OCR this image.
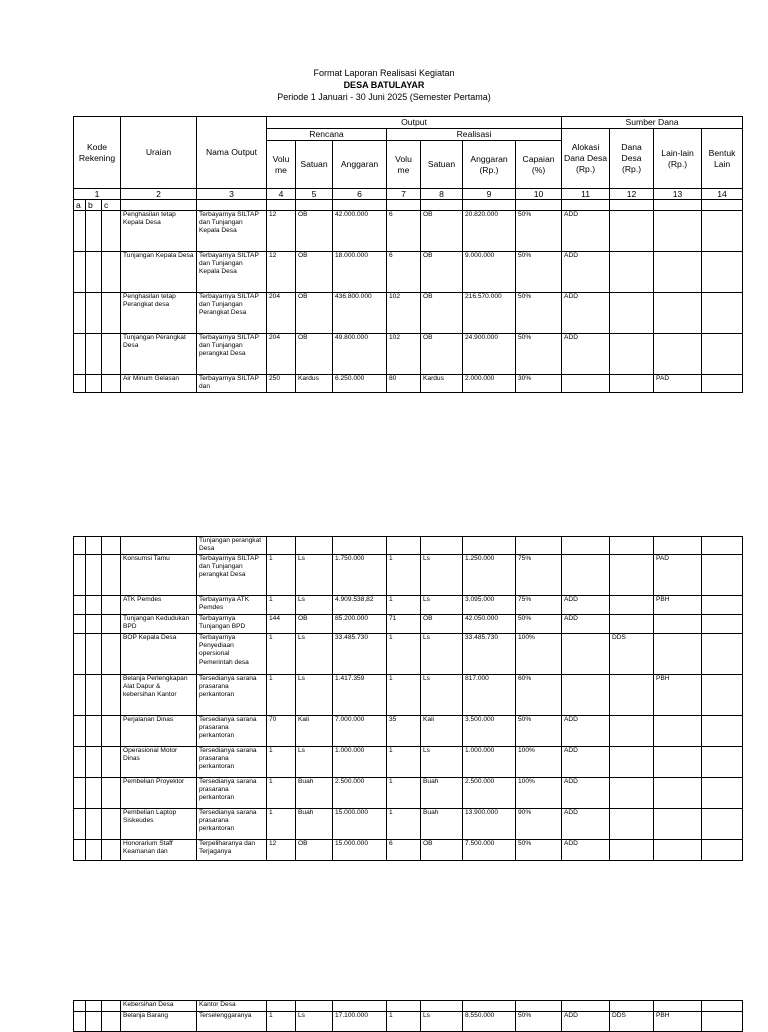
Format Laporan Realisasi Kegiatan
DESA BATULAYAR
Periode 1 Januari - 30 Juni 2025 (Semester Pertama)
Kode Rekening			Uraian	Nama Output	Output							Sumber Dana			
					Rencana			Realisasi				Alokasi Dana Desa (Rp.)	Dana Desa (Rp.)	Lain-lain (Rp.)	Bentuk Lain
					Volu me	Satuan	Anggaran	Volu me	Satuan	Anggaran (Rp.)	Capaian (%)				
1			2	3	4	5	6	7	8	9	10	11	12	13	14
a	b	c													

			Penghasilan tetap Kepala Desa	Terbayarnya SILTAP dan Tunjangan Kepala Desa	12	OB	42.000.000	6	OB	20.820.000	50%	ADD			

			Tunjangan Kepala Desa	Terbayarnya SILTAP dan Tunjangan Kepala Desa	12	OB	18.000.000	6	OB	9.000.000	50%	ADD			

			Penghasilan tetap Perangkat desa	Terbayarnya SILTAP dan Tunjangan Perangkat Desa	204	OB	436.800.000	102	OB	216.570.000	50%	ADD			

			Tunjangan Perangkat Desa	Terbayarnya SILTAP dan Tunjangan perangkat Desa	204	OB	49.800.000	102	OB	24.900.000	50%	ADD			

			Air Minum Gelasan	Terbayarnya SILTAP dan	250	Kardus	6.250.000	80	Kardus	2.000.000	30%			PAD	

				Tunjangan perangkat Desa											

			Konsumsi Tamu	Terbayarnya SILTAP dan Tunjangan perangkat Desa	1	Ls	1.750.000	1	Ls	1.250.000	75%			PAD	

			ATK Pemdes	Terbayarnya ATK Pemdes	1	Ls	4.909.538,82	1	Ls	3.095.000	75%	ADD		PBH	

			Tunjangan Kedudukan BPD	Terbayarnya Tunjangan BPD	144	OB	85.200.000	71	OB	42.050.000	50%	ADD			

			BOP Kepala Desa	Terbayarnya Penyediaan opersional Pemerintah desa	1	Ls	33.485.730	1	Ls	33.485.730	100%		DDS		

			Belanja Perlengkapan Alat Dapur & kebersihan Kantor	Tersedianya sarana prasarana perkantoran	1	Ls	1.417.359	1	Ls	817.000	60%			PBH	

			Perjalanan Dinas	Tersedianya sarana prasarana perkantoran	70	Kali	7.000.000	35	Kali	3.500.000	50%	ADD			

			Operasional Motor Dinas	Tersedianya sarana prasarana perkantoran	1	Ls	1.000.000	1	Ls	1.000.000	100%	ADD			

			Pembelian Proyektor	Tersedianya sarana prasarana perkantoran	1	Buah	2.500.000	1	Buah	2.500.000	100%	ADD			

			Pembelian Laptop Siskeudes	Tersedianya sarana prasarana perkantoran	1	Buah	15.000.000	1	Buah	13.900.000	90%	ADD			

			Honorarium Staff Keamanan dan	Terpeliharanya dan Terjaganya	12	OB	15.000.000	6	OB	7.500.000	50%	ADD			

			Kebersihan Desa	Kantor Desa											

			Belanja Barang	Terselenggaranya	1	Ls	17.100.000	1	Ls	8.550.000	50%	ADD	DDS	PBH	
